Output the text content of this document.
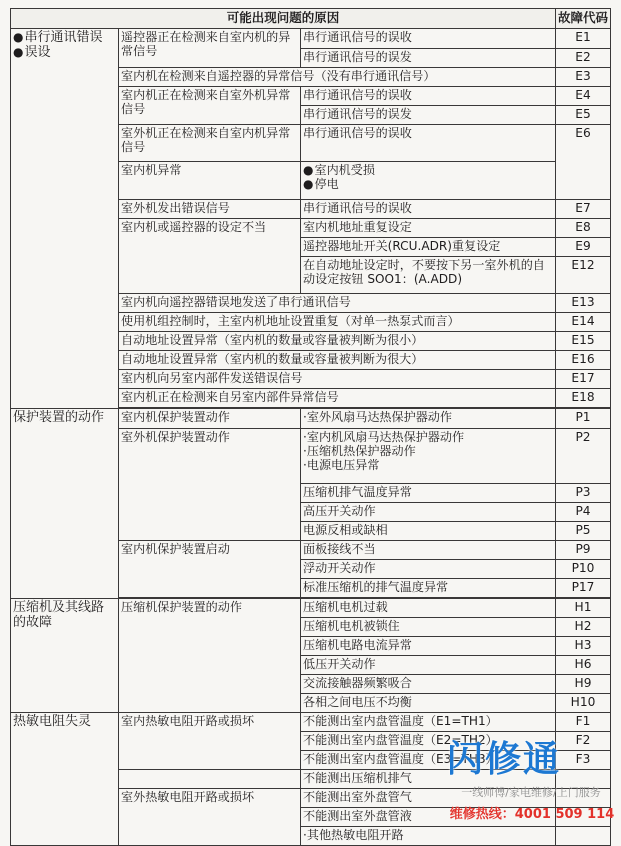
可能出现问题的原因			故障代码
●串行通讯错误
●误设	遥控器正在检测来自室内机的异常信号	串行通讯信号的误收	E1
		串行通讯信号的误发	E2
	室内机在检测来自遥控器的异常信号（没有串行通讯信号）		E3
	室内机正在检测来自室外机异常信号	串行通讯信号的误收	E4
		串行通讯信号的误发	E5
	室外机正在检测来自室内机异常信号	串行通讯信号的误收	E6
	室内机异常	●室内机受损
●停电	
	室外机发出错误信号	串行通讯信号的误收	E7
	室内机或遥控器的设定不当	室内机地址重复设定	E8
		遥控器地址开关(RCU.ADR)重复设定	E9
		在自动地址设定时，不要按下另一室外机的自动设定按钮 SOO1：(A.ADD)	E12
	室内机向遥控器错误地发送了串行通讯信号		E13
	使用机组控制时，主室内机地址设置重复（对单一热泵式而言）		E14
	自动地址设置异常（室内机的数量或容量被判断为很小）		E15
	自动地址设置异常（室内机的数量或容量被判断为很大）		E16
	室内机向另室内部件发送错误信号		E17
	室内机正在检测来自另室内部件异常信号		E18

保护装置的动作	室内机保护装置动作	·室外风扇马达热保护器动作	P1
	室外机保护装置动作	·室内机风扇马达热保护器动作
·压缩机热保护器动作
·电源电压异常	P2
		压缩机排气温度异常	P3
		高压开关动作	P4
		电源反相或缺相	P5
	室内机保护装置启动	面板接线不当	P9
		浮动开关动作	P10
		标准压缩机的排气温度异常	P17

压缩机及其线路的故障	压缩机保护装置的动作	压缩机电机过载	H1
		压缩机电机被锁住	H2
		压缩机电路电流异常	H3
		低压开关动作	H6
		交流接触器频繁吸合	H9
		各相之间电压不均衡	H10
热敏电阻失灵	室内热敏电阻开路或损坏	不能测出室内盘管温度（E1=TH1）	F1
		不能测出室内盘管温度（E2=TH2）	F2
		不能测出室内盘管温度（E3=TH3）	F3
		不能测出压缩机排气	
	室外热敏电阻开路或损坏	不能测出室外盘管气	
		不能测出室外盘管液	
		·其他热敏电阻开路	
闪修通
一线师傅/家电维修/上门服务
维修热线：4001 509 114
